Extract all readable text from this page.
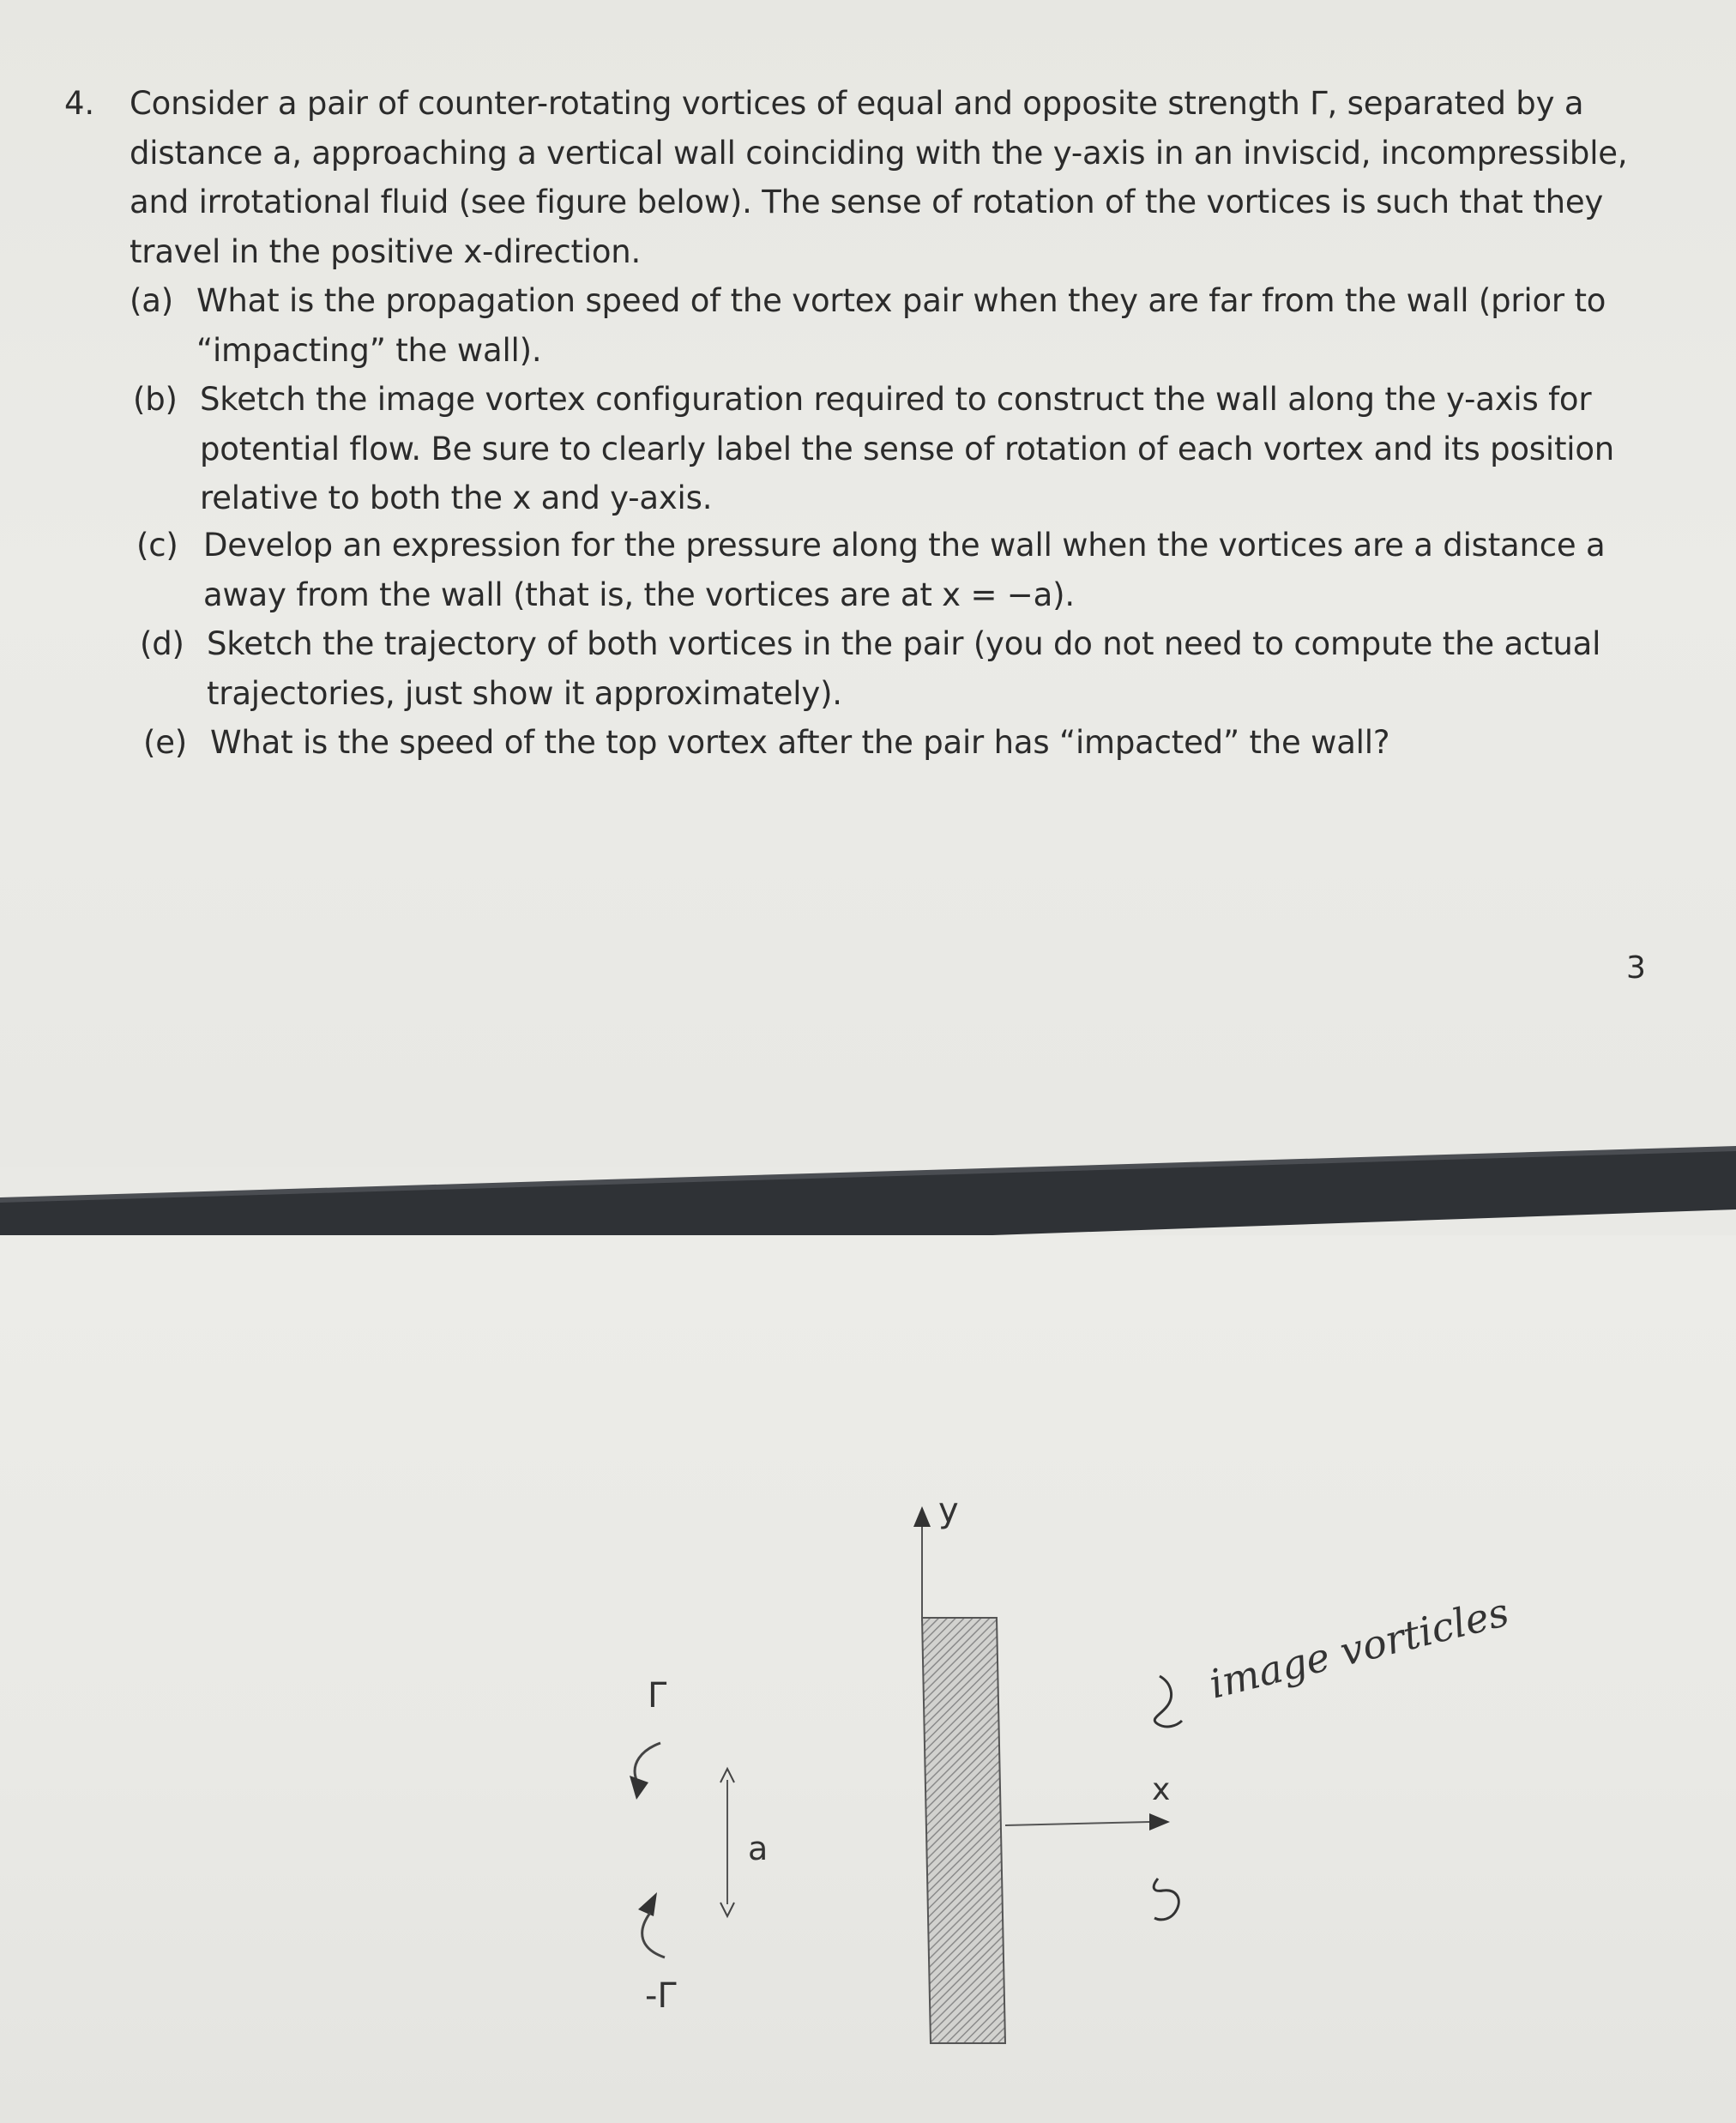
4. Consider a pair of counter-rotating vortices of equal and opposite strength Γ, separated by a distance a, approaching a vertical wall coinciding with the y-axis in an inviscid, incompressible, and irrotational fluid (see figure below). The sense of rotation of the vortices is such that they travel in the positive x-direction.
(a) What is the propagation speed of the vortex pair when they are far from the wall (prior to “impacting” the wall).
(b) Sketch the image vortex configuration required to construct the wall along the y-axis for potential flow. Be sure to clearly label the sense of rotation of each vortex and its position relative to both the x and y-axis.
(c) Develop an expression for the pressure along the wall when the vortices are a distance a away from the wall (that is, the vortices are at x = −a).
(d) Sketch the trajectory of both vortices in the pair (you do not need to compute the actual trajectories, just show it approximately).
(e) What is the speed of the top vortex after the pair has “impacted” the wall?
3
y
x
Γ
a
-Γ
image vorticles
